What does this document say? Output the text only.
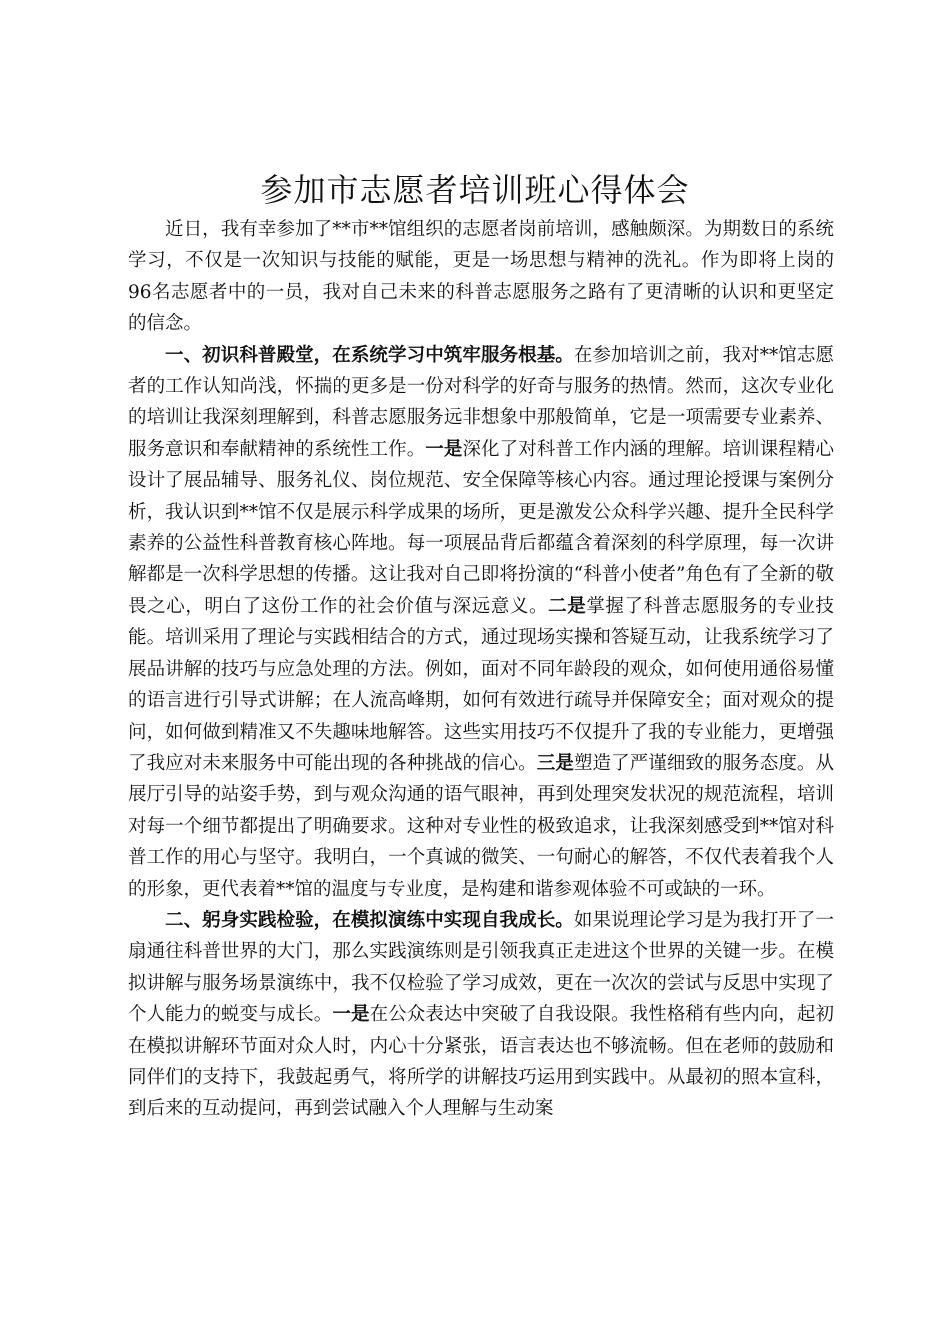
参加市志愿者培训班心得体会

近日，我有幸参加了**市**馆组织的志愿者岗前培训，感触颇深。为期数日的系统学习，不仅是一次知识与技能的赋能，更是一场思想与精神的洗礼。作为即将上岗的96名志愿者中的一员，我对自己未来的科普志愿服务之路有了更清晰的认识和更坚定的信念。

一、初识科普殿堂，在系统学习中筑牢服务根基。在参加培训之前，我对**馆志愿者的工作认知尚浅，怀揣的更多是一份对科学的好奇与服务的热情。然而，这次专业化的培训让我深刻理解到，科普志愿服务远非想象中那般简单，它是一项需要专业素养、服务意识和奉献精神的系统性工作。一是深化了对科普工作内涵的理解。培训课程精心设计了展品辅导、服务礼仪、岗位规范、安全保障等核心内容。通过理论授课与案例分析，我认识到**馆不仅是展示科学成果的场所，更是激发公众科学兴趣、提升全民科学素养的公益性科普教育核心阵地。每一项展品背后都蕴含着深刻的科学原理，每一次讲解都是一次科学思想的传播。这让我对自己即将扮演的“科普小使者”角色有了全新的敬畏之心，明白了这份工作的社会价值与深远意义。二是掌握了科普志愿服务的专业技能。培训采用了理论与实践相结合的方式，通过现场实操和答疑互动，让我系统学习了展品讲解的技巧与应急处理的方法。例如，面对不同年龄段的观众，如何使用通俗易懂的语言进行引导式讲解；在人流高峰期，如何有效进行疏导并保障安全；面对观众的提问，如何做到精准又不失趣味地解答。这些实用技巧不仅提升了我的专业能力，更增强了我应对未来服务中可能出现的各种挑战的信心。三是塑造了严谨细致的服务态度。从展厅引导的站姿手势，到与观众沟通的语气眼神，再到处理突发状况的规范流程，培训对每一个细节都提出了明确要求。这种对专业性的极致追求，让我深刻感受到**馆对科普工作的用心与坚守。我明白，一个真诚的微笑、一句耐心的解答，不仅代表着我个人的形象，更代表着**馆的温度与专业度，是构建和谐参观体验不可或缺的一环。

二、躬身实践检验，在模拟演练中实现自我成长。如果说理论学习是为我打开了一扇通往科普世界的大门，那么实践演练则是引领我真正走进这个世界的关键一步。在模拟讲解与服务场景演练中，我不仅检验了学习成效，更在一次次的尝试与反思中实现了个人能力的蜕变与成长。一是在公众表达中突破了自我设限。我性格稍有些内向，起初在模拟讲解环节面对众人时，内心十分紧张，语言表达也不够流畅。但在老师的鼓励和同伴们的支持下，我鼓起勇气，将所学的讲解技巧运用到实践中。从最初的照本宣科，到后来的互动提问，再到尝试融入个人理解与生动案
